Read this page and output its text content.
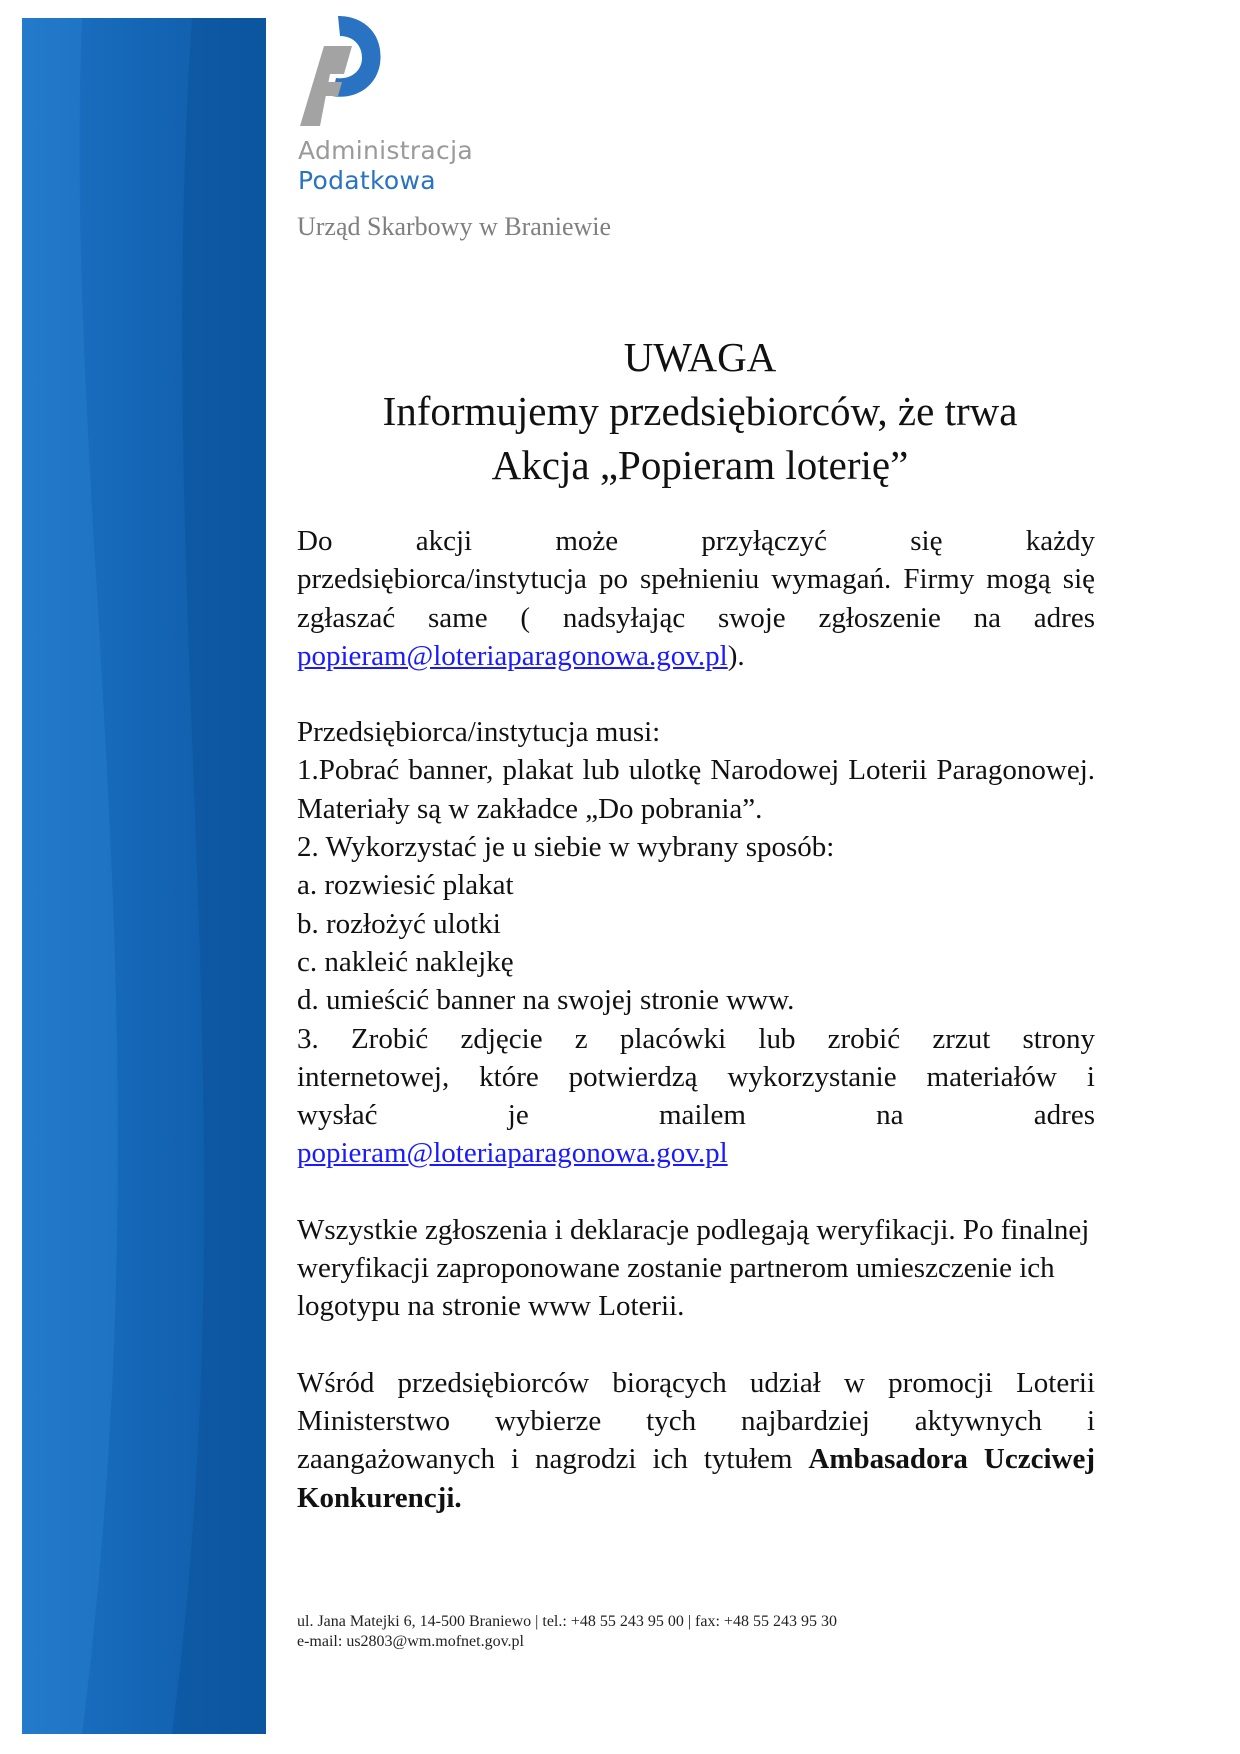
Administracja
Podatkowa
Urząd Skarbowy w Braniewie
UWAGA
Informujemy przedsiębiorców, że trwa
Akcja „Popieram loterię”

Do akcji może przyłączyć się każdy

przedsiębiorca/instytucja po spełnieniu wymagań. Firmy mogą się zgłaszać same ( nadsyłając swoje zgłoszenie na adres popieram@loteriaparagonowa.gov.pl).

Przedsiębiorca/instytucja musi:

1.Pobrać banner, plakat lub ulotkę Narodowej Loterii Paragonowej. Materiały są w zakładce „Do pobrania”.

2. Wykorzystać je u siebie w wybrany sposób:

a. rozwiesić plakat

b. rozłożyć ulotki

c. nakleić naklejkę

d. umieścić banner na swojej stronie www.

3. Zrobić zdjęcie z placówki lub zrobić zrzut strony

internetowej, które potwierdzą wykorzystanie materiałów i

wysłać je mailem na adres

popieram@loteriaparagonowa.gov.pl

Wszystkie zgłoszenia i deklaracje podlegają weryfikacji. Po finalnej weryfikacji zaproponowane zostanie partnerom umieszczenie ich logotypu na stronie www Loterii.

Wśród przedsiębiorców biorących udział w promocji Loterii Ministerstwo wybierze tych najbardziej aktywnych i zaangażowanych i nagrodzi ich tytułem Ambasadora Uczciwej Konkurencji.

ul. Jana Matejki 6, 14-500 Braniewo | tel.: +48 55 243 95 00 | fax: +48 55 243 95 30
e-mail: us2803@wm.mofnet.gov.pl
